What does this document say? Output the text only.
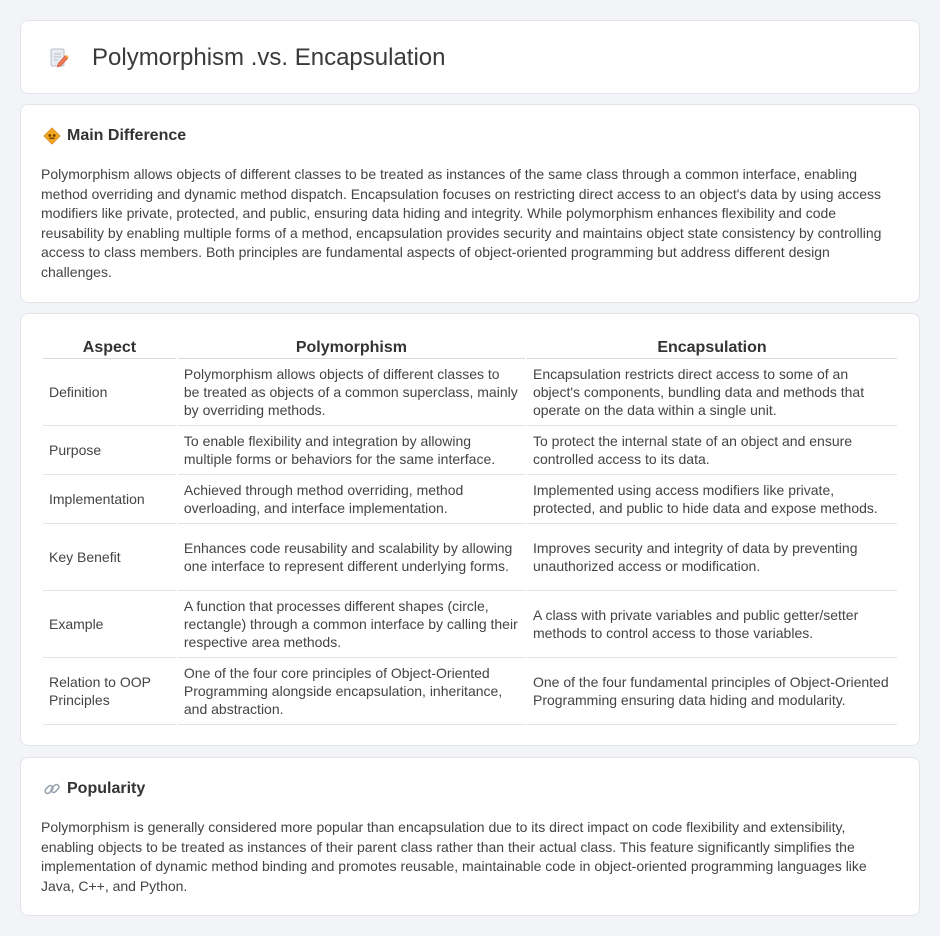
Polymorphism .vs. Encapsulation
Main Difference

Polymorphism allows objects of different classes to be treated as instances of the same class through a common interface, enabling method overriding and dynamic method dispatch. Encapsulation focuses on restricting direct access to an object's data by using access modifiers like private, protected, and public, ensuring data hiding and integrity. While polymorphism enhances flexibility and code reusability by enabling multiple forms of a method, encapsulation provides security and maintains object state consistency by controlling access to class members. Both principles are fundamental aspects of object-oriented programming but address different design challenges.

Aspect	Polymorphism	Encapsulation
Definition	Polymorphism allows objects of different classes to be treated as objects of a common superclass, mainly by overriding methods.	Encapsulation restricts direct access to some of an object's components, bundling data and methods that operate on the data within a single unit.
Purpose	To enable flexibility and integration by allowing multiple forms or behaviors for the same interface.	To protect the internal state of an object and ensure controlled access to its data.
Implementation	Achieved through method overriding, method overloading, and interface implementation.	Implemented using access modifiers like private, protected, and public to hide data and expose methods.
Key Benefit	Enhances code reusability and scalability by allowing one interface to represent different underlying forms.	Improves security and integrity of data by preventing unauthorized access or modification.
Example	A function that processes different shapes (circle, rectangle) through a common interface by calling their respective area methods.	A class with private variables and public getter/setter methods to control access to those variables.
Relation to OOP Principles	One of the four core principles of Object-Oriented Programming alongside encapsulation, inheritance, and abstraction.	One of the four fundamental principles of Object-Oriented Programming ensuring data hiding and modularity.
Popularity

Polymorphism is generally considered more popular than encapsulation due to its direct impact on code flexibility and extensibility, enabling objects to be treated as instances of their parent class rather than their actual class. This feature significantly simplifies the implementation of dynamic method binding and promotes reusable, maintainable code in object-oriented programming languages like Java, C++, and Python.
